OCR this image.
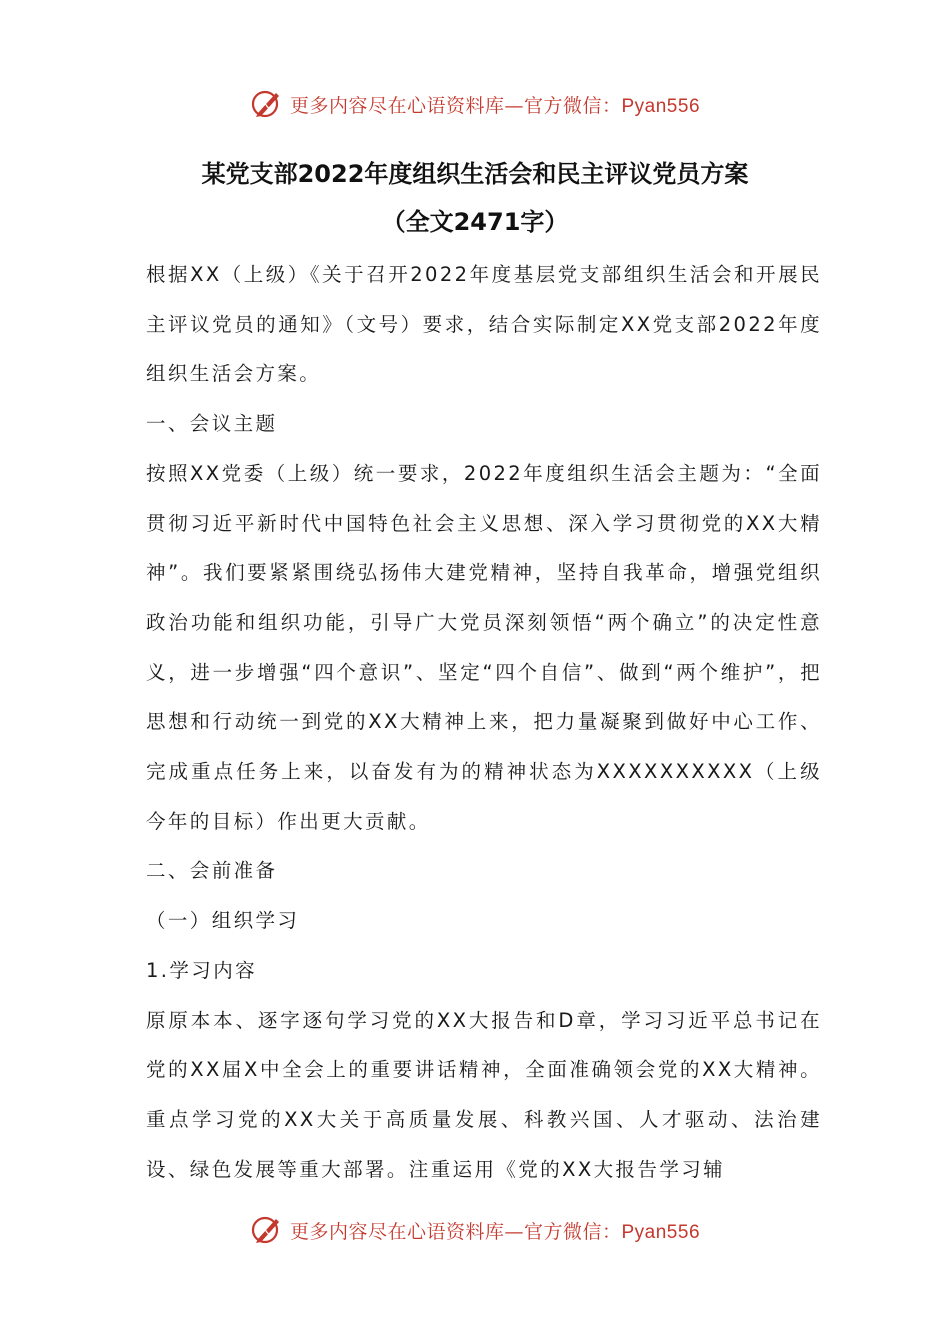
更多内容尽在心语资料库—官方微信：Pyan556
某党支部2022年度组织生活会和民主评议党员方案
（全文2471字）

根据XX（上级）《关于召开2022年度基层党支部组织生活会和开展民主评议党员的通知》（文号）要求，结合实际制定XX党支部2022年度组织生活会方案。

一、会议主题

按照XX党委（上级）统一要求，2022年度组织生活会主题为：“全面贯彻习近平新时代中国特色社会主义思想、深入学习贯彻党的XX大精神”。我们要紧紧围绕弘扬伟大建党精神，坚持自我革命，增强党组织政治功能和组织功能，引导广大党员深刻领悟“两个确立”的决定性意义，进一步增强“四个意识”、坚定“四个自信”、做到“两个维护”，把思想和行动统一到党的XX大精神上来，把力量凝聚到做好中心工作、完成重点任务上来，以奋发有为的精神状态为XXXXXXXXXX（上级今年的目标）作出更大贡献。

二、会前准备

（一）组织学习

1.学习内容

原原本本、逐字逐句学习党的XX大报告和D章，学习习近平总书记在党的XX届X中全会上的重要讲话精神，全面准确领会党的XX大精神。重点学习党的XX大关于高质量发展、科教兴国、人才驱动、法治建设、绿色发展等重大部署。注重运用《党的XX大报告学习辅

更多内容尽在心语资料库—官方微信：Pyan556
